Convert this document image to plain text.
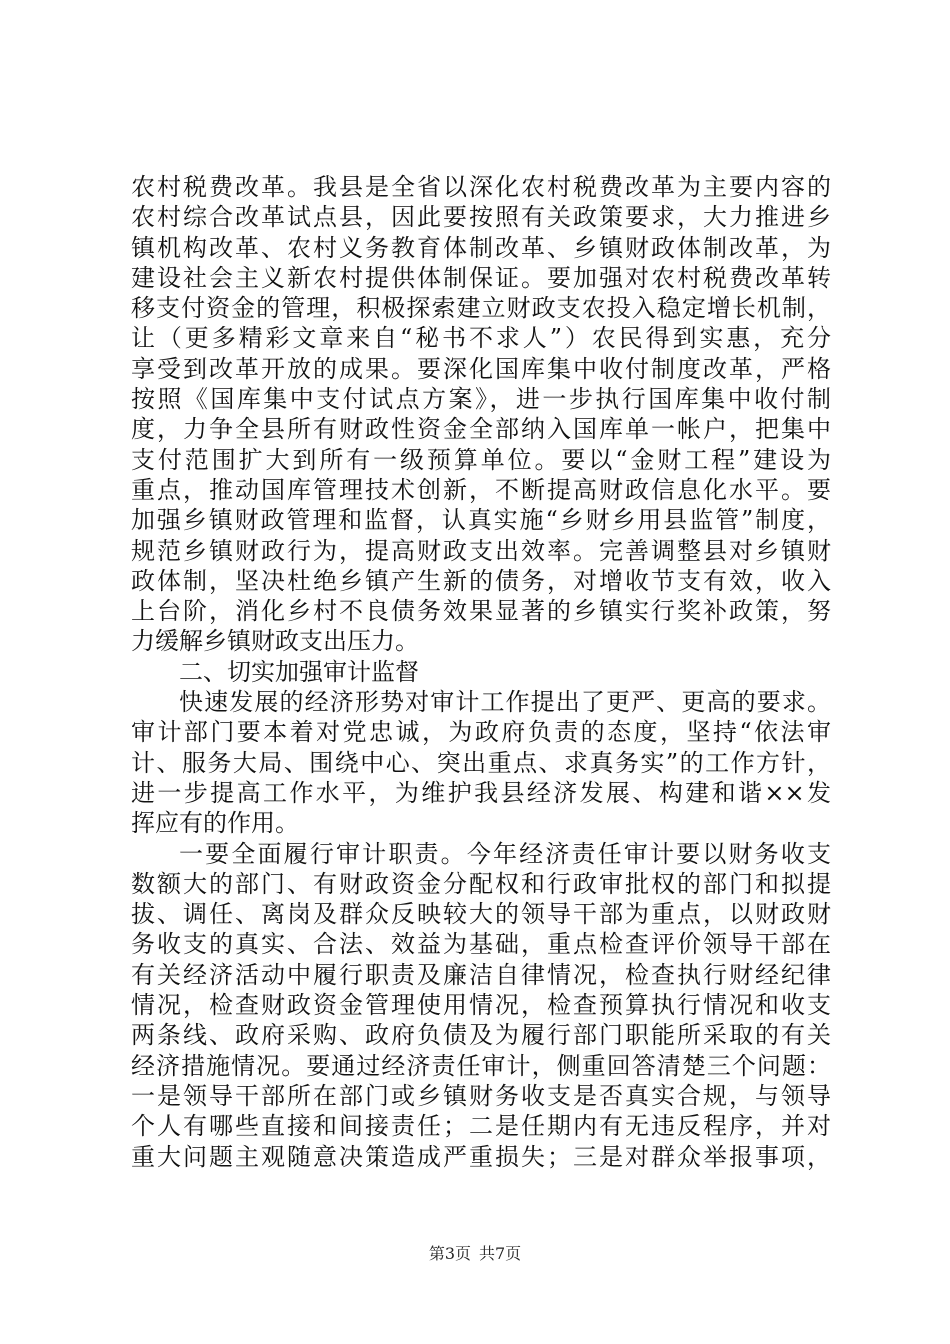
农村税费改革。我县是全省以深化农村税费改革为主要内容的
农村综合改革试点县，因此要按照有关政策要求，大力推进乡
镇机构改革、农村义务教育体制改革、乡镇财政体制改革，为
建设社会主义新农村提供体制保证。要加强对农村税费改革转
移支付资金的管理，积极探索建立财政支农投入稳定增长机制，
让（更多精彩文章来自“秘书不求人”）农民得到实惠，充分
享受到改革开放的成果。要深化国库集中收付制度改革，严格
按照《国库集中支付试点方案》，进一步执行国库集中收付制
度，力争全县所有财政性资金全部纳入国库单一帐户，把集中
支付范围扩大到所有一级预算单位。要以“金财工程”建设为
重点，推动国库管理技术创新，不断提高财政信息化水平。要
加强乡镇财政管理和监督，认真实施“乡财乡用县监管”制度，
规范乡镇财政行为，提高财政支出效率。完善调整县对乡镇财
政体制，坚决杜绝乡镇产生新的债务，对增收节支有效，收入
上台阶，消化乡村不良债务效果显著的乡镇实行奖补政策，努
力缓解乡镇财政支出压力。
二、切实加强审计监督
快速发展的经济形势对审计工作提出了更严、更高的要求。
审计部门要本着对党忠诚，为政府负责的态度，坚持“依法审
计、服务大局、围绕中心、突出重点、求真务实”的工作方针，
进一步提高工作水平，为维护我县经济发展、构建和谐××发
挥应有的作用。
一要全面履行审计职责。今年经济责任审计要以财务收支
数额大的部门、有财政资金分配权和行政审批权的部门和拟提
拔、调任、离岗及群众反映较大的领导干部为重点，以财政财
务收支的真实、合法、效益为基础，重点检查评价领导干部在
有关经济活动中履行职责及廉洁自律情况，检查执行财经纪律
情况，检查财政资金管理使用情况，检查预算执行情况和收支
两条线、政府采购、政府负债及为履行部门职能所采取的有关
经济措施情况。要通过经济责任审计，侧重回答清楚三个问题：
一是领导干部所在部门或乡镇财务收支是否真实合规，与领导
个人有哪些直接和间接责任；二是任期内有无违反程序，并对
重大问题主观随意决策造成严重损失；三是对群众举报事项，
第3页 共7页
